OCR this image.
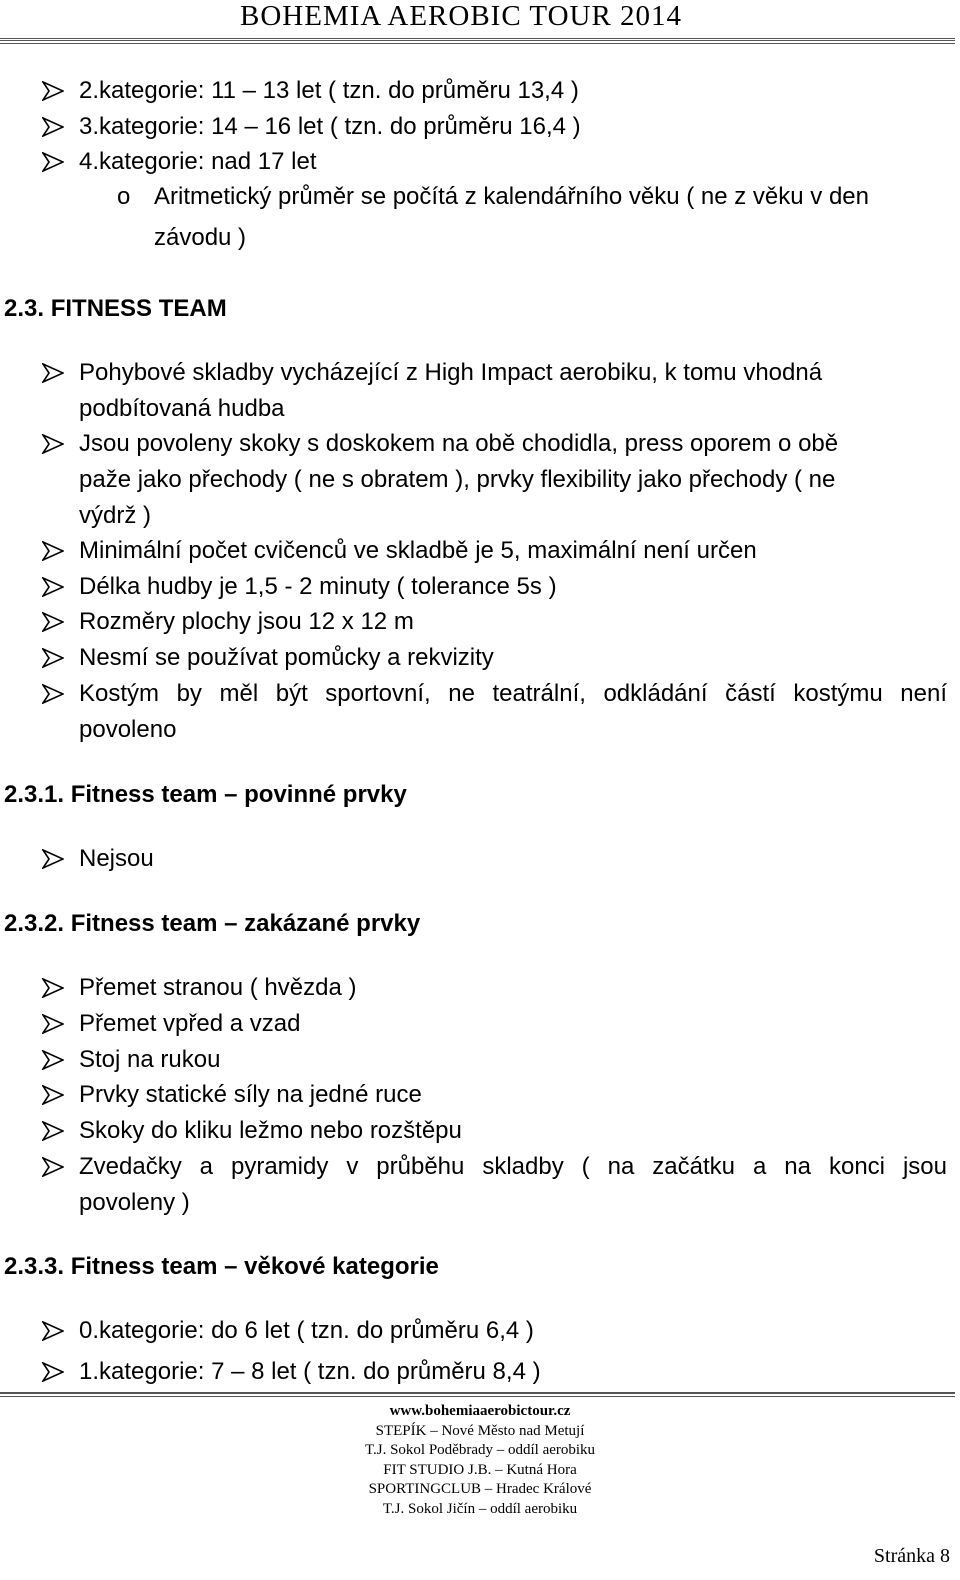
BOHEMIA AEROBIC TOUR 2014
2.kategorie: 11 – 13 let ( tzn. do průměru 13,4 )
3.kategorie: 14 – 16 let ( tzn. do průměru 16,4 )
4.kategorie: nad 17 let
o Aritmetický průměr se počítá z kalendářního věku ( ne z věku v den
závodu )
2.3. FITNESS TEAM
Pohybové skladby vycházející z High Impact aerobiku, k tomu vhodná
podbítovaná hudba
Jsou povoleny skoky s doskokem na obě chodidla, press oporem o obě
paže jako přechody ( ne s obratem ), prvky flexibility jako přechody ( ne
výdrž )
Minimální počet cvičenců ve skladbě je 5, maximální není určen
Délka hudby je 1,5 - 2 minuty ( tolerance 5s )
Rozměry plochy jsou 12 x 12 m
Nesmí se používat pomůcky a rekvizity
Kostým by měl být sportovní, ne teatrální, odkládání částí kostýmu není
povoleno
2.3.1. Fitness team – povinné prvky
Nejsou
2.3.2. Fitness team – zakázané prvky
Přemet stranou ( hvězda )
Přemet vpřed a vzad
Stoj na rukou
Prvky statické síly na jedné ruce
Skoky do kliku ležmo nebo rozštěpu
Zvedačky a pyramidy v průběhu skladby ( na začátku a na konci jsou
povoleny )
2.3.3. Fitness team – věkové kategorie
0.kategorie: do 6 let ( tzn. do průměru 6,4 )
1.kategorie: 7 – 8 let ( tzn. do průměru 8,4 )
www.bohemiaaerobictour.cz
STEPÍK – Nové Město nad Metují
T.J. Sokol Poděbrady – oddíl aerobiku
FIT STUDIO J.B. – Kutná Hora
SPORTINGCLUB – Hradec Králové
T.J. Sokol Jičín – oddíl aerobiku
Stránka 8
